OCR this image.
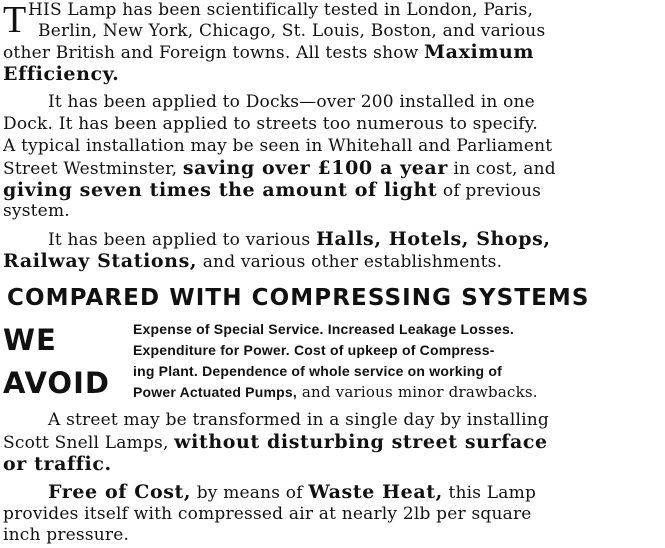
T HIS Lamp has been scientifically tested in London, Paris,
Berlin, New York, Chicago, St. Louis, Boston, and various
other British and Foreign towns. All tests show Maximum
Efficiency.
It has been applied to Docks—over 200 installed in one
Dock. It has been applied to streets too numerous to specify.
A typical installation may be seen in Whitehall and Parliament
Street Westminster, saving over £100 a year in cost, and
giving seven times the amount of light of previous
system.
It has been applied to various Halls, Hotels, Shops,
Railway Stations, and various other establishments.
COMPARED WITH COMPRESSING SYSTEMS
WE
AVOID
Expense of Special Service. Increased Leakage Losses.
Expenditure for Power. Cost of upkeep of Compress-
ing Plant. Dependence of whole service on working of
Power Actuated Pumps, and various minor drawbacks.
A street may be transformed in a single day by installing
Scott Snell Lamps, without disturbing street surface
or traffic.
Free of Cost, by means of Waste Heat, this Lamp
provides itself with compressed air at nearly 2lb per square
inch pressure.
